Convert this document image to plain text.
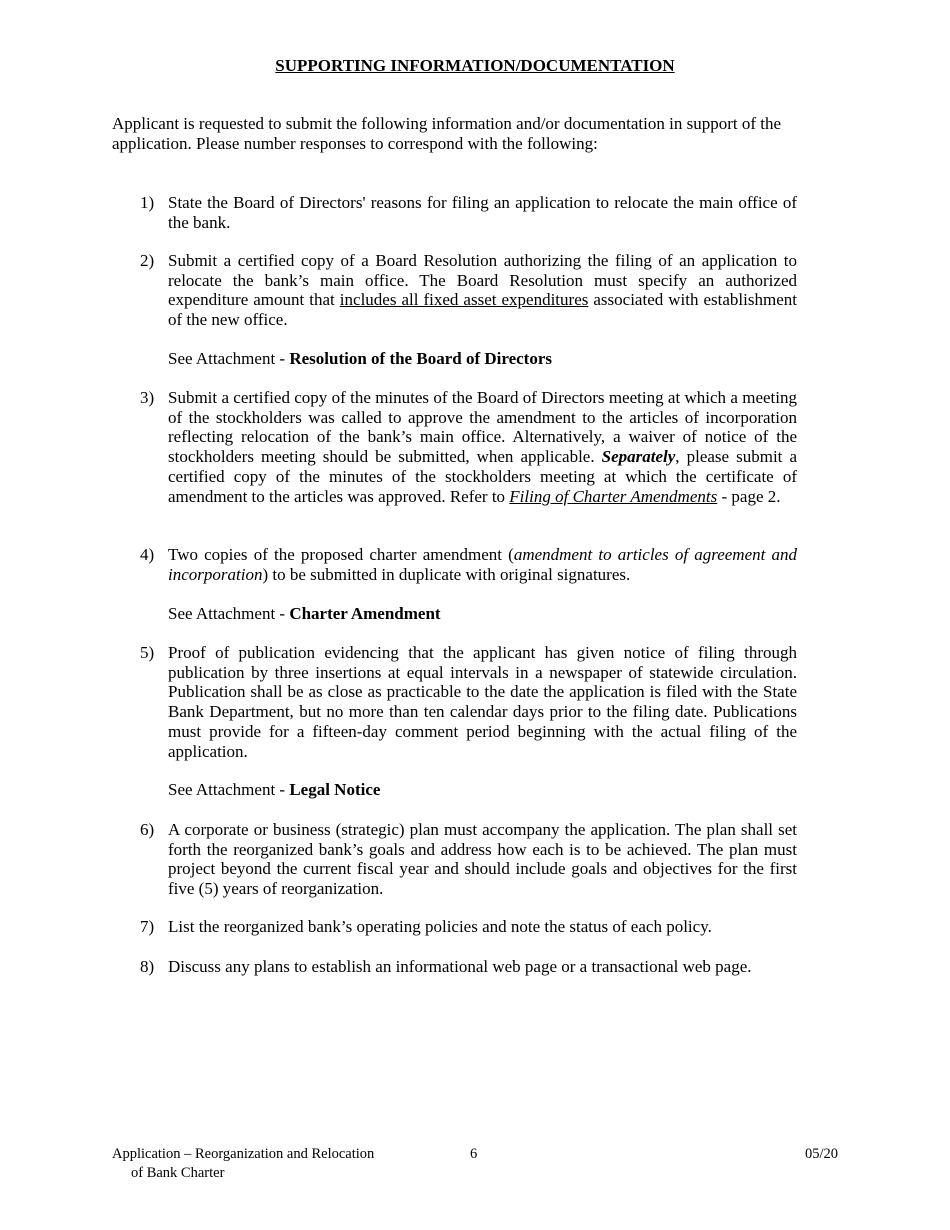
SUPPORTING INFORMATION/DOCUMENTATION

Applicant is requested to submit the following information and/or documentation in support of the application. Please number responses to correspond with the following:

1) State the Board of Directors' reasons for filing an application to relocate the main office of the bank.
2) Submit a certified copy of a Board Resolution authorizing the filing of an application to relocate the bank’s main office. The Board Resolution must specify an authorized expenditure amount that includes all fixed asset expenditures associated with establishment of the new office.
See Attachment - Resolution of the Board of Directors
3) Submit a certified copy of the minutes of the Board of Directors meeting at which a meeting of the stockholders was called to approve the amendment to the articles of incorporation reflecting relocation of the bank’s main office. Alternatively, a waiver of notice of the stockholders meeting should be submitted, when applicable. Separately, please submit a certified copy of the minutes of the stockholders meeting at which the certificate of amendment to the articles was approved. Refer to Filing of Charter Amendments - page 2.
4) Two copies of the proposed charter amendment (amendment to articles of agreement and incorporation) to be submitted in duplicate with original signatures.
See Attachment - Charter Amendment
5) Proof of publication evidencing that the applicant has given notice of filing through publication by three insertions at equal intervals in a newspaper of statewide circulation. Publication shall be as close as practicable to the date the application is filed with the State Bank Department, but no more than ten calendar days prior to the filing date. Publications must provide for a fifteen-day comment period beginning with the actual filing of the application.
See Attachment - Legal Notice
6) A corporate or business (strategic) plan must accompany the application. The plan shall set forth the reorganized bank’s goals and address how each is to be achieved. The plan must project beyond the current fiscal year and should include goals and objectives for the first five (5) years of reorganization.
7) List the reorganized bank’s operating policies and note the status of each policy.
8) Discuss any plans to establish an informational web page or a transactional web page.
Application – Reorganization and Relocation
of Bank Charter
6	05/20
